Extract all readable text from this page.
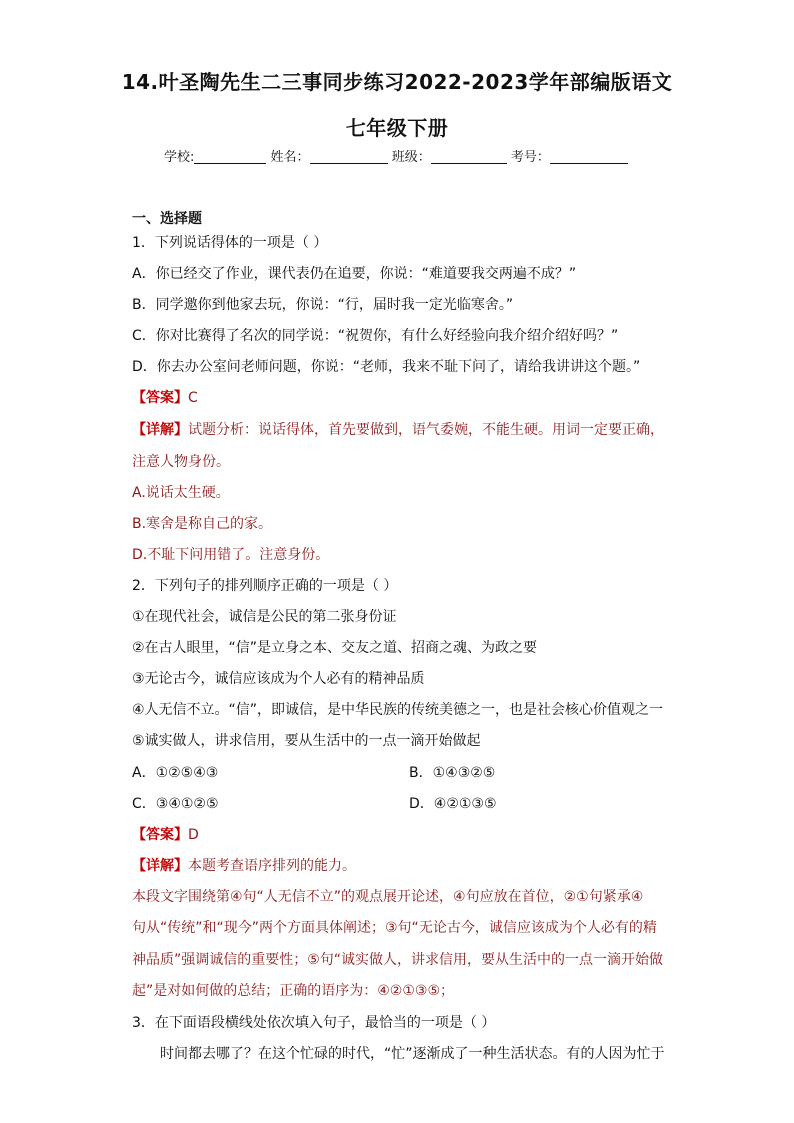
14.叶圣陶先生二三事同步练习2022-2023学年部编版语文
七年级下册
学校:	姓名：	班级：	考号：
一、选择题
1．下列说话得体的一项是（ ）
A．你已经交了作业，课代表仍在追要，你说：“难道要我交两遍不成？”
B．同学邀你到他家去玩，你说：“行，届时我一定光临寒舍。”
C．你对比赛得了名次的同学说：“祝贺你，有什么好经验向我介绍介绍好吗？”
D．你去办公室问老师问题，你说：“老师，我来不耻下问了，请给我讲讲这个题。”
【答案】C
【详解】试题分析：说话得体，首先要做到，语气委婉，不能生硬。用词一定要正确，
注意人物身份。
A.说话太生硬。
B.寒舍是称自己的家。
D.不耻下问用错了。注意身份。
2．下列句子的排列顺序正确的一项是（ ）
①在现代社会，诚信是公民的第二张身份证
②在古人眼里，“信”是立身之本、交友之道、招商之魂、为政之要
③无论古今，诚信应该成为个人必有的精神品质
④人无信不立。“信”，即诚信，是中华民族的传统美德之一，也是社会核心价值观之一
⑤诚实做人，讲求信用，要从生活中的一点一滴开始做起
A．①②⑤④③	B．①④③②⑤
C．③④①②⑤	D．④②①③⑤
【答案】D
【详解】本题考查语序排列的能力。
本段文字围绕第④句“人无信不立”的观点展开论述，④句应放在首位，②①句紧承④
句从“传统”和“现今”两个方面具体阐述；③句“无论古今，诚信应该成为个人必有的精
神品质”强调诚信的重要性；⑤句“诚实做人，讲求信用，要从生活中的一点一滴开始做
起”是对如何做的总结；正确的语序为：④②①③⑤；
3．在下面语段横线处依次填入句子，最恰当的一项是（ ）
时间都去哪了？在这个忙碌的时代，“忙”逐渐成了一种生活状态。有的人因为忙于
